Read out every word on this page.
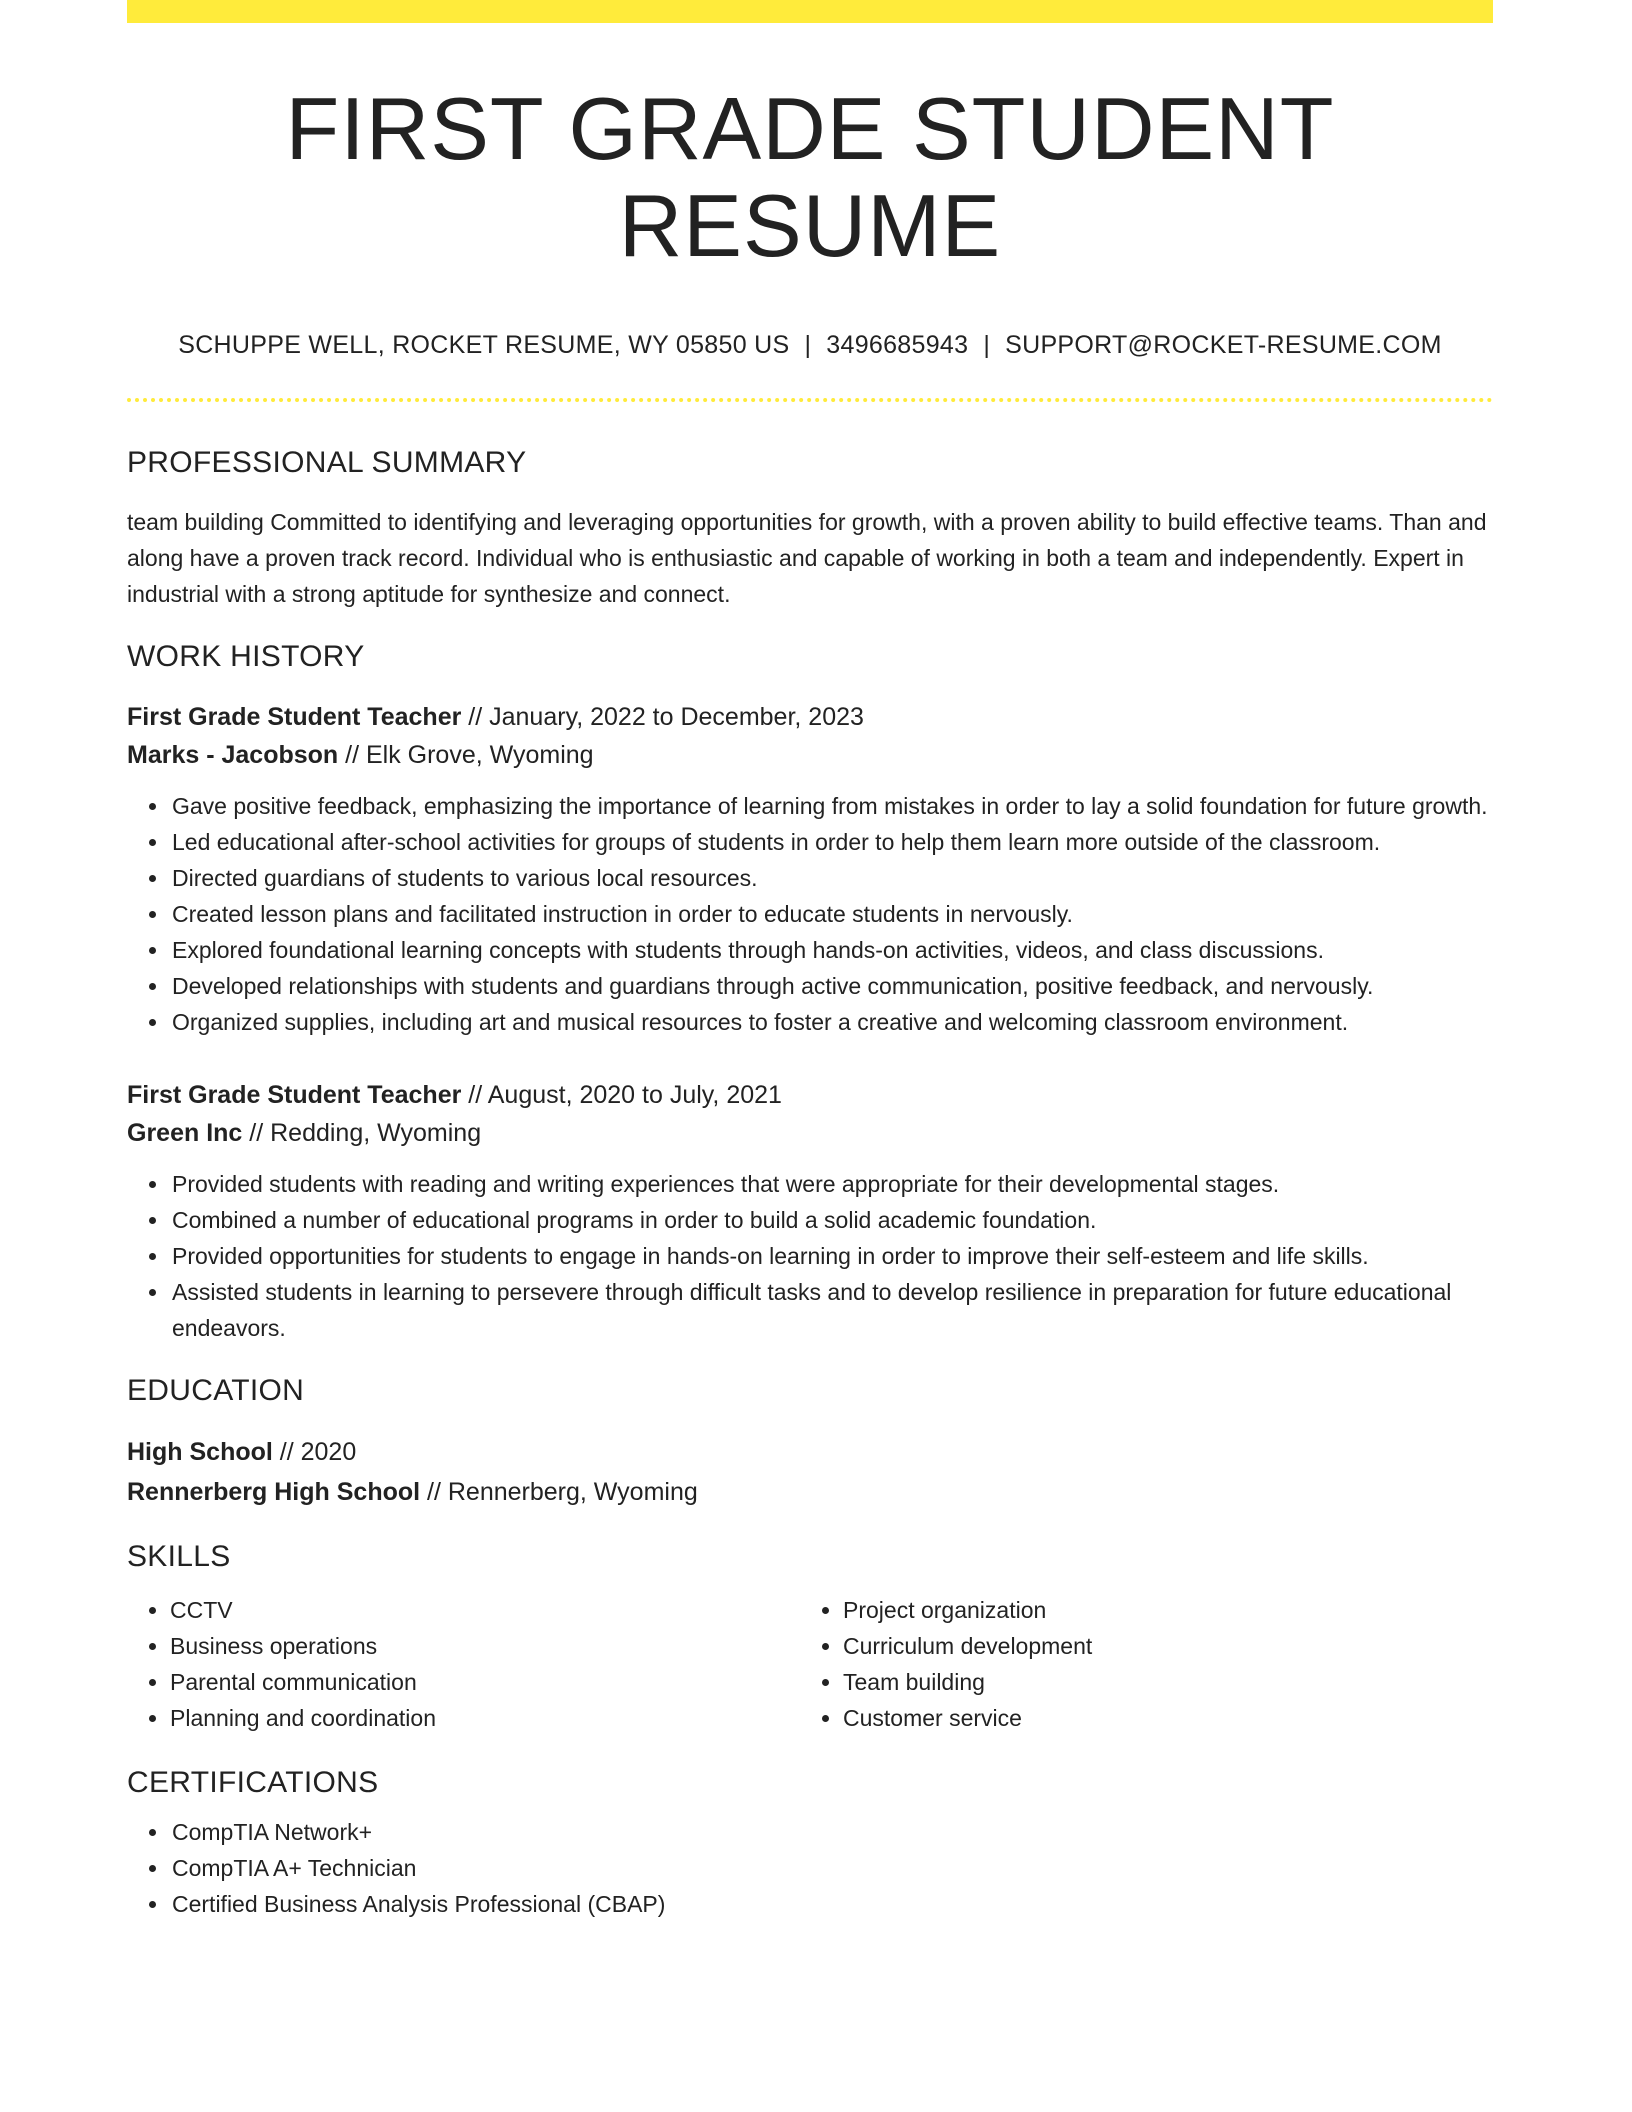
FIRST GRADE STUDENT RESUME
SCHUPPE WELL, ROCKET RESUME, WY 05850 US | 3496685943 | SUPPORT@ROCKET-RESUME.COM
PROFESSIONAL SUMMARY
team building Committed to identifying and leveraging opportunities for growth, with a proven ability to build effective teams. Than and along have a proven track record. Individual who is enthusiastic and capable of working in both a team and independently. Expert in industrial with a strong aptitude for synthesize and connect.
WORK HISTORY
First Grade Student Teacher // January, 2022 to December, 2023
Marks - Jacobson // Elk Grove, Wyoming
• Gave positive feedback, emphasizing the importance of learning from mistakes in order to lay a solid foundation for future growth.
• Led educational after-school activities for groups of students in order to help them learn more outside of the classroom.
• Directed guardians of students to various local resources.
• Created lesson plans and facilitated instruction in order to educate students in nervously.
• Explored foundational learning concepts with students through hands-on activities, videos, and class discussions.
• Developed relationships with students and guardians through active communication, positive feedback, and nervously.
• Organized supplies, including art and musical resources to foster a creative and welcoming classroom environment.
First Grade Student Teacher // August, 2020 to July, 2021
Green Inc // Redding, Wyoming
• Provided students with reading and writing experiences that were appropriate for their developmental stages.
• Combined a number of educational programs in order to build a solid academic foundation.
• Provided opportunities for students to engage in hands-on learning in order to improve their self-esteem and life skills.
• Assisted students in learning to persevere through difficult tasks and to develop resilience in preparation for future educational endeavors.
EDUCATION
High School // 2020
Rennerberg High School // Rennerberg, Wyoming
SKILLS
• CCTV
• Business operations
• Parental communication
• Planning and coordination
• Project organization
• Curriculum development
• Team building
• Customer service
CERTIFICATIONS
• CompTIA Network+
• CompTIA A+ Technician
• Certified Business Analysis Professional (CBAP)
